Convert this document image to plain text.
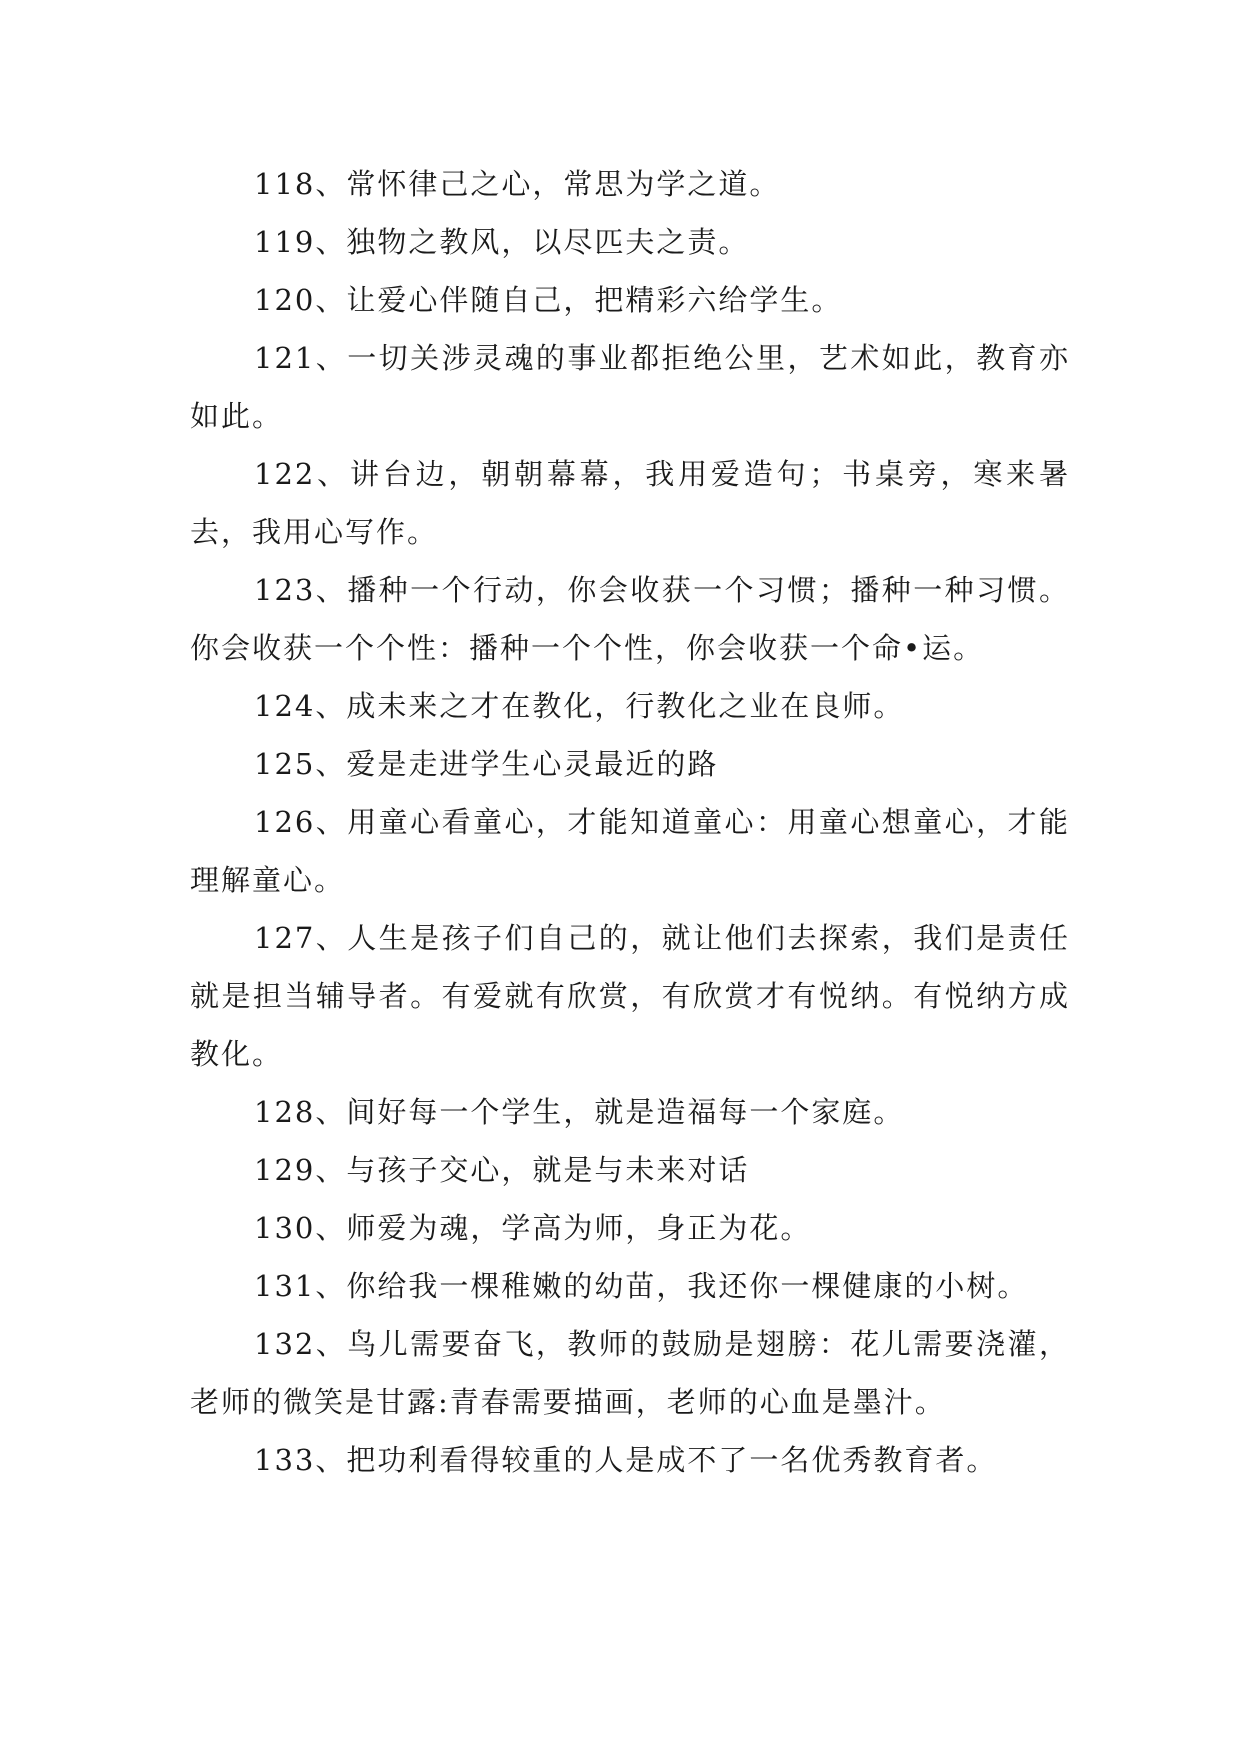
118、常怀律己之心，常思为学之道。

119、独物之教风，以尽匹夫之责。

120、让爱心伴随自己，把精彩六给学生。

121、一切关涉灵魂的事业都拒绝公里，艺术如此，教育亦如此。

122、讲台边，朝朝幕幕，我用爱造句；书桌旁，寒来暑去，我用心写作。

123、播种一个行动，你会收获一个习惯；播种一种习惯。你会收获一个个性：播种一个个性，你会收获一个命•运。

124、成未来之才在教化，行教化之业在良师。

125、爱是走进学生心灵最近的路

126、用童心看童心，才能知道童心：用童心想童心，才能理解童心。

127、人生是孩子们自己的，就让他们去探索，我们是责任就是担当辅导者。有爱就有欣赏，有欣赏才有悦纳。有悦纳方成教化。

128、间好每一个学生，就是造福每一个家庭。

129、与孩子交心，就是与未来对话

130、师爱为魂，学高为师，身正为花。

131、你给我一棵稚嫩的幼苗，我还你一棵健康的小树。

132、鸟儿需要奋飞，教师的鼓励是翅膀：花儿需要浇灌，老师的微笑是甘露:青春需要描画，老师的心血是墨汁。

133、把功利看得较重的人是成不了一名优秀教育者。
